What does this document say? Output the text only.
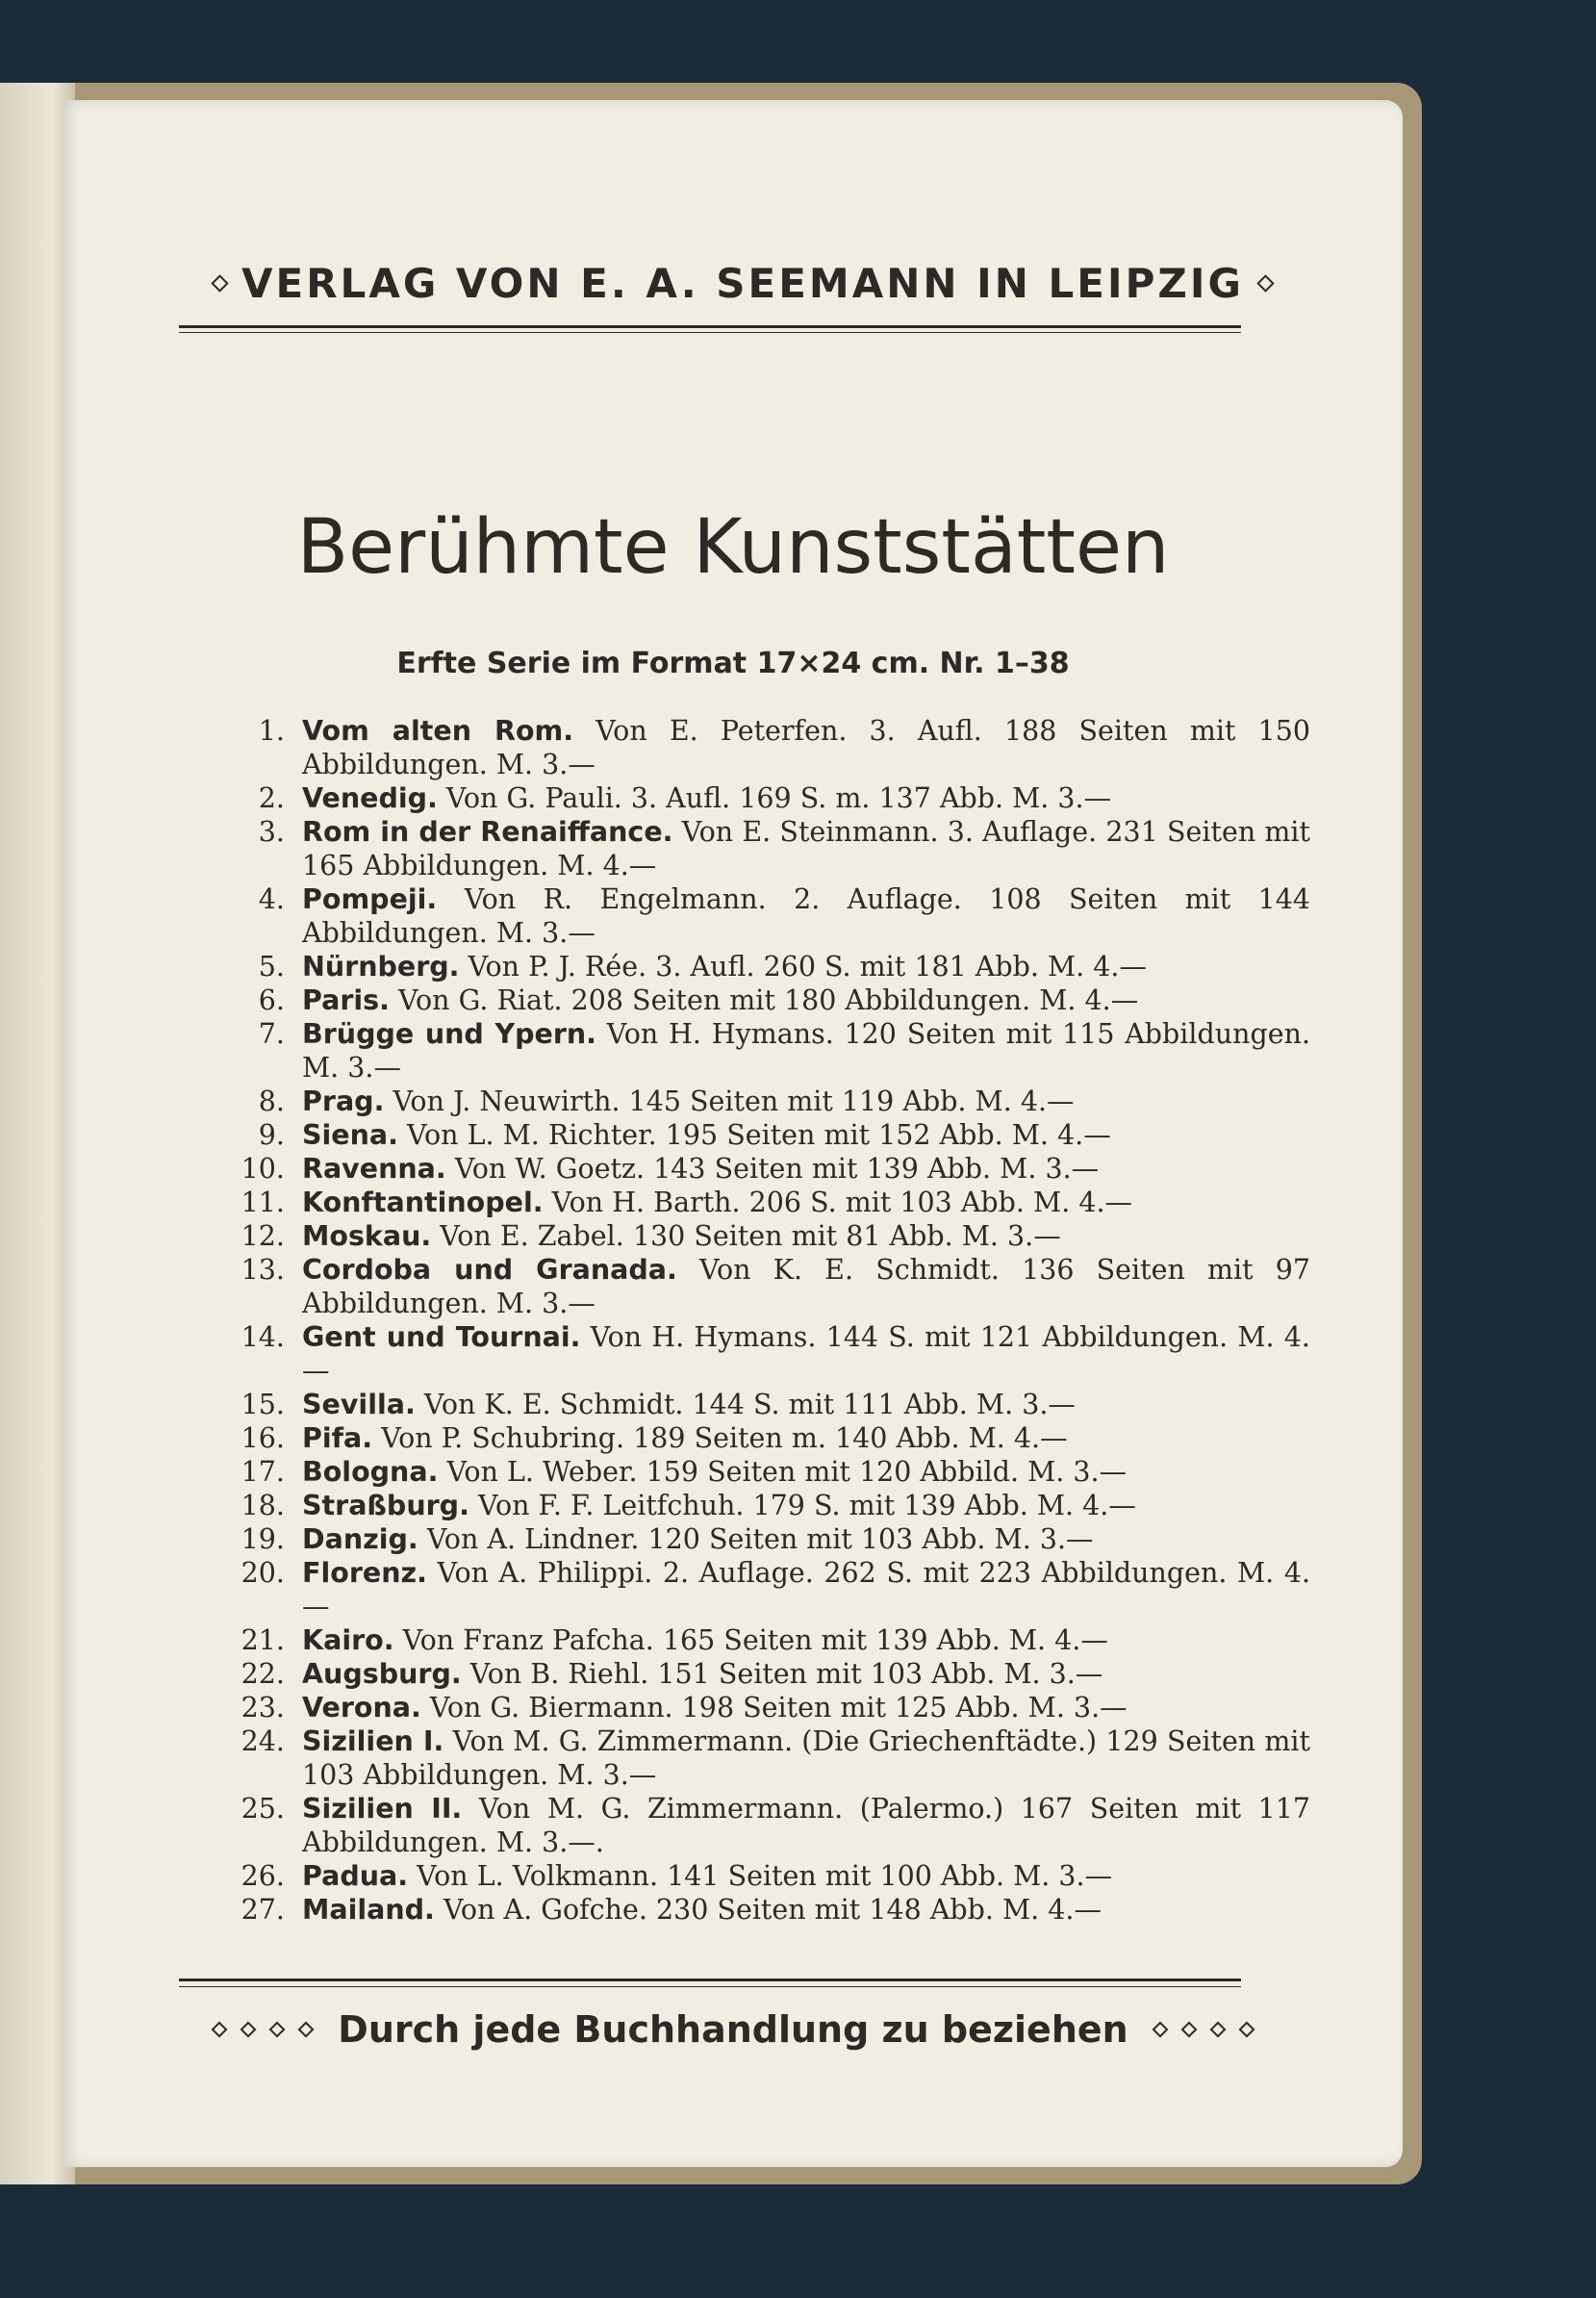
VERLAG VON E. A. SEEMANN IN LEIPZIG
Berühmte Kunststätten
Erfte Serie im Format 17×24 cm. Nr. 1–38
1. Vom alten Rom. Von E. Peterfen. 3. Aufl. 188 Seiten mit 150 Abbildungen. M. 3.—
2. Venedig. Von G. Pauli. 3. Aufl. 169 S. m. 137 Abb. M. 3.—
3. Rom in der Renaiffance. Von E. Steinmann. 3. Auflage. 231 Seiten mit 165 Abbildungen. M. 4.—
4. Pompeji. Von R. Engelmann. 2. Auflage. 108 Seiten mit 144 Abbildungen. M. 3.—
5. Nürnberg. Von P. J. Rée. 3. Aufl. 260 S. mit 181 Abb. M. 4.—
6. Paris. Von G. Riat. 208 Seiten mit 180 Abbildungen. M. 4.—
7. Brügge und Ypern. Von H. Hymans. 120 Seiten mit 115 Abbildungen. M. 3.—
8. Prag. Von J. Neuwirth. 145 Seiten mit 119 Abb. M. 4.—
9. Siena. Von L. M. Richter. 195 Seiten mit 152 Abb. M. 4.—
10. Ravenna. Von W. Goetz. 143 Seiten mit 139 Abb. M. 3.—
11. Konftantinopel. Von H. Barth. 206 S. mit 103 Abb. M. 4.—
12. Moskau. Von E. Zabel. 130 Seiten mit 81 Abb. M. 3.—
13. Cordoba und Granada. Von K. E. Schmidt. 136 Seiten mit 97 Abbildungen. M. 3.—
14. Gent und Tournai. Von H. Hymans. 144 S. mit 121 Abbildungen. M. 4.—
15. Sevilla. Von K. E. Schmidt. 144 S. mit 111 Abb. M. 3.—
16. Pifa. Von P. Schubring. 189 Seiten m. 140 Abb. M. 4.—
17. Bologna. Von L. Weber. 159 Seiten mit 120 Abbild. M. 3.—
18. Straßburg. Von F. F. Leitfchuh. 179 S. mit 139 Abb. M. 4.—
19. Danzig. Von A. Lindner. 120 Seiten mit 103 Abb. M. 3.—
20. Florenz. Von A. Philippi. 2. Auflage. 262 S. mit 223 Abbildungen. M. 4.—
21. Kairo. Von Franz Pafcha. 165 Seiten mit 139 Abb. M. 4.—
22. Augsburg. Von B. Riehl. 151 Seiten mit 103 Abb. M. 3.—
23. Verona. Von G. Biermann. 198 Seiten mit 125 Abb. M. 3.—
24. Sizilien I. Von M. G. Zimmermann. (Die Griechenftädte.) 129 Seiten mit 103 Abbildungen. M. 3.—
25. Sizilien II. Von M. G. Zimmermann. (Palermo.) 167 Seiten mit 117 Abbildungen. M. 3.—.
26. Padua. Von L. Volkmann. 141 Seiten mit 100 Abb. M. 3.—
27. Mailand. Von A. Gofche. 230 Seiten mit 148 Abb. M. 4.—
Durch jede Buchhandlung zu beziehen
